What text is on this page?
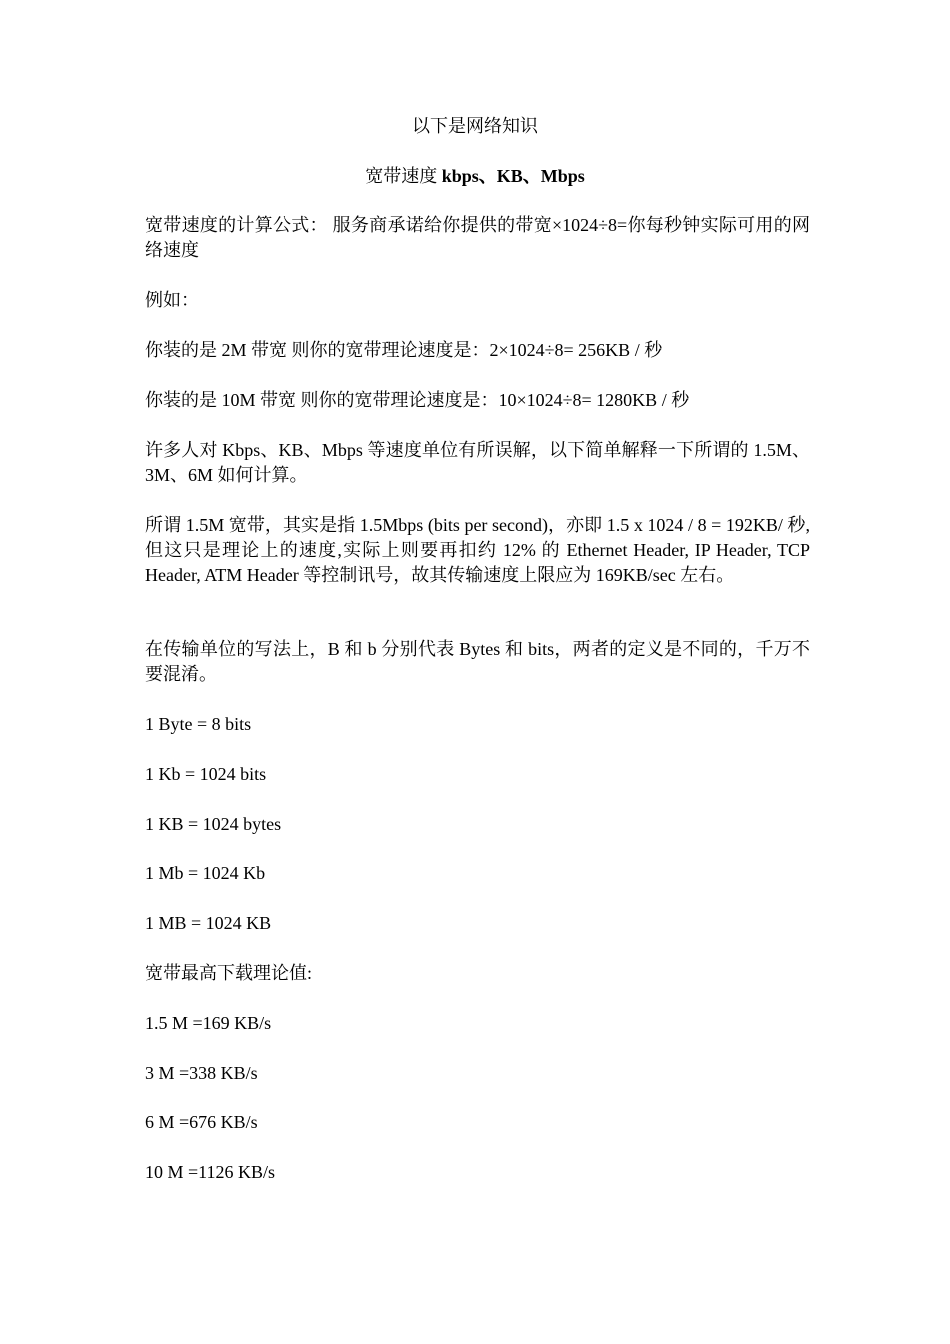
以下是网络知识
宽带速度 kbps、KB、Mbps
宽带速度的计算公式： 服务商承诺给你提供的带宽×1024÷8=你每秒钟实际可用的网络速度
例如：
你装的是 2M 带宽 则你的宽带理论速度是：2×1024÷8= 256KB / 秒
你装的是 10M 带宽 则你的宽带理论速度是：10×1024÷8= 1280KB / 秒
许多人对 Kbps、KB、Mbps 等速度单位有所误解，以下简单解释一下所谓的 1.5M、 3M、6M 如何计算。
所谓 1.5M 宽带，其实是指 1.5Mbps (bits per second)，亦即 1.5 x 1024 / 8 = 192KB/ 秒,但这只是理论上的速度,实际上则要再扣约 12% 的 Ethernet Header, IP Header, TCP Header, ATM Header 等控制讯号，故其传输速度上限应为 169KB/sec 左右。
在传输单位的写法上，B 和 b 分别代表 Bytes 和 bits，两者的定义是不同的，千万不要混淆。
1 Byte = 8 bits
1 Kb = 1024 bits
1 KB = 1024 bytes
1 Mb = 1024 Kb
1 MB = 1024 KB
宽带最高下载理论值:
1.5 M =169 KB/s
3 M =338 KB/s
6 M =676 KB/s
10 M =1126 KB/s
